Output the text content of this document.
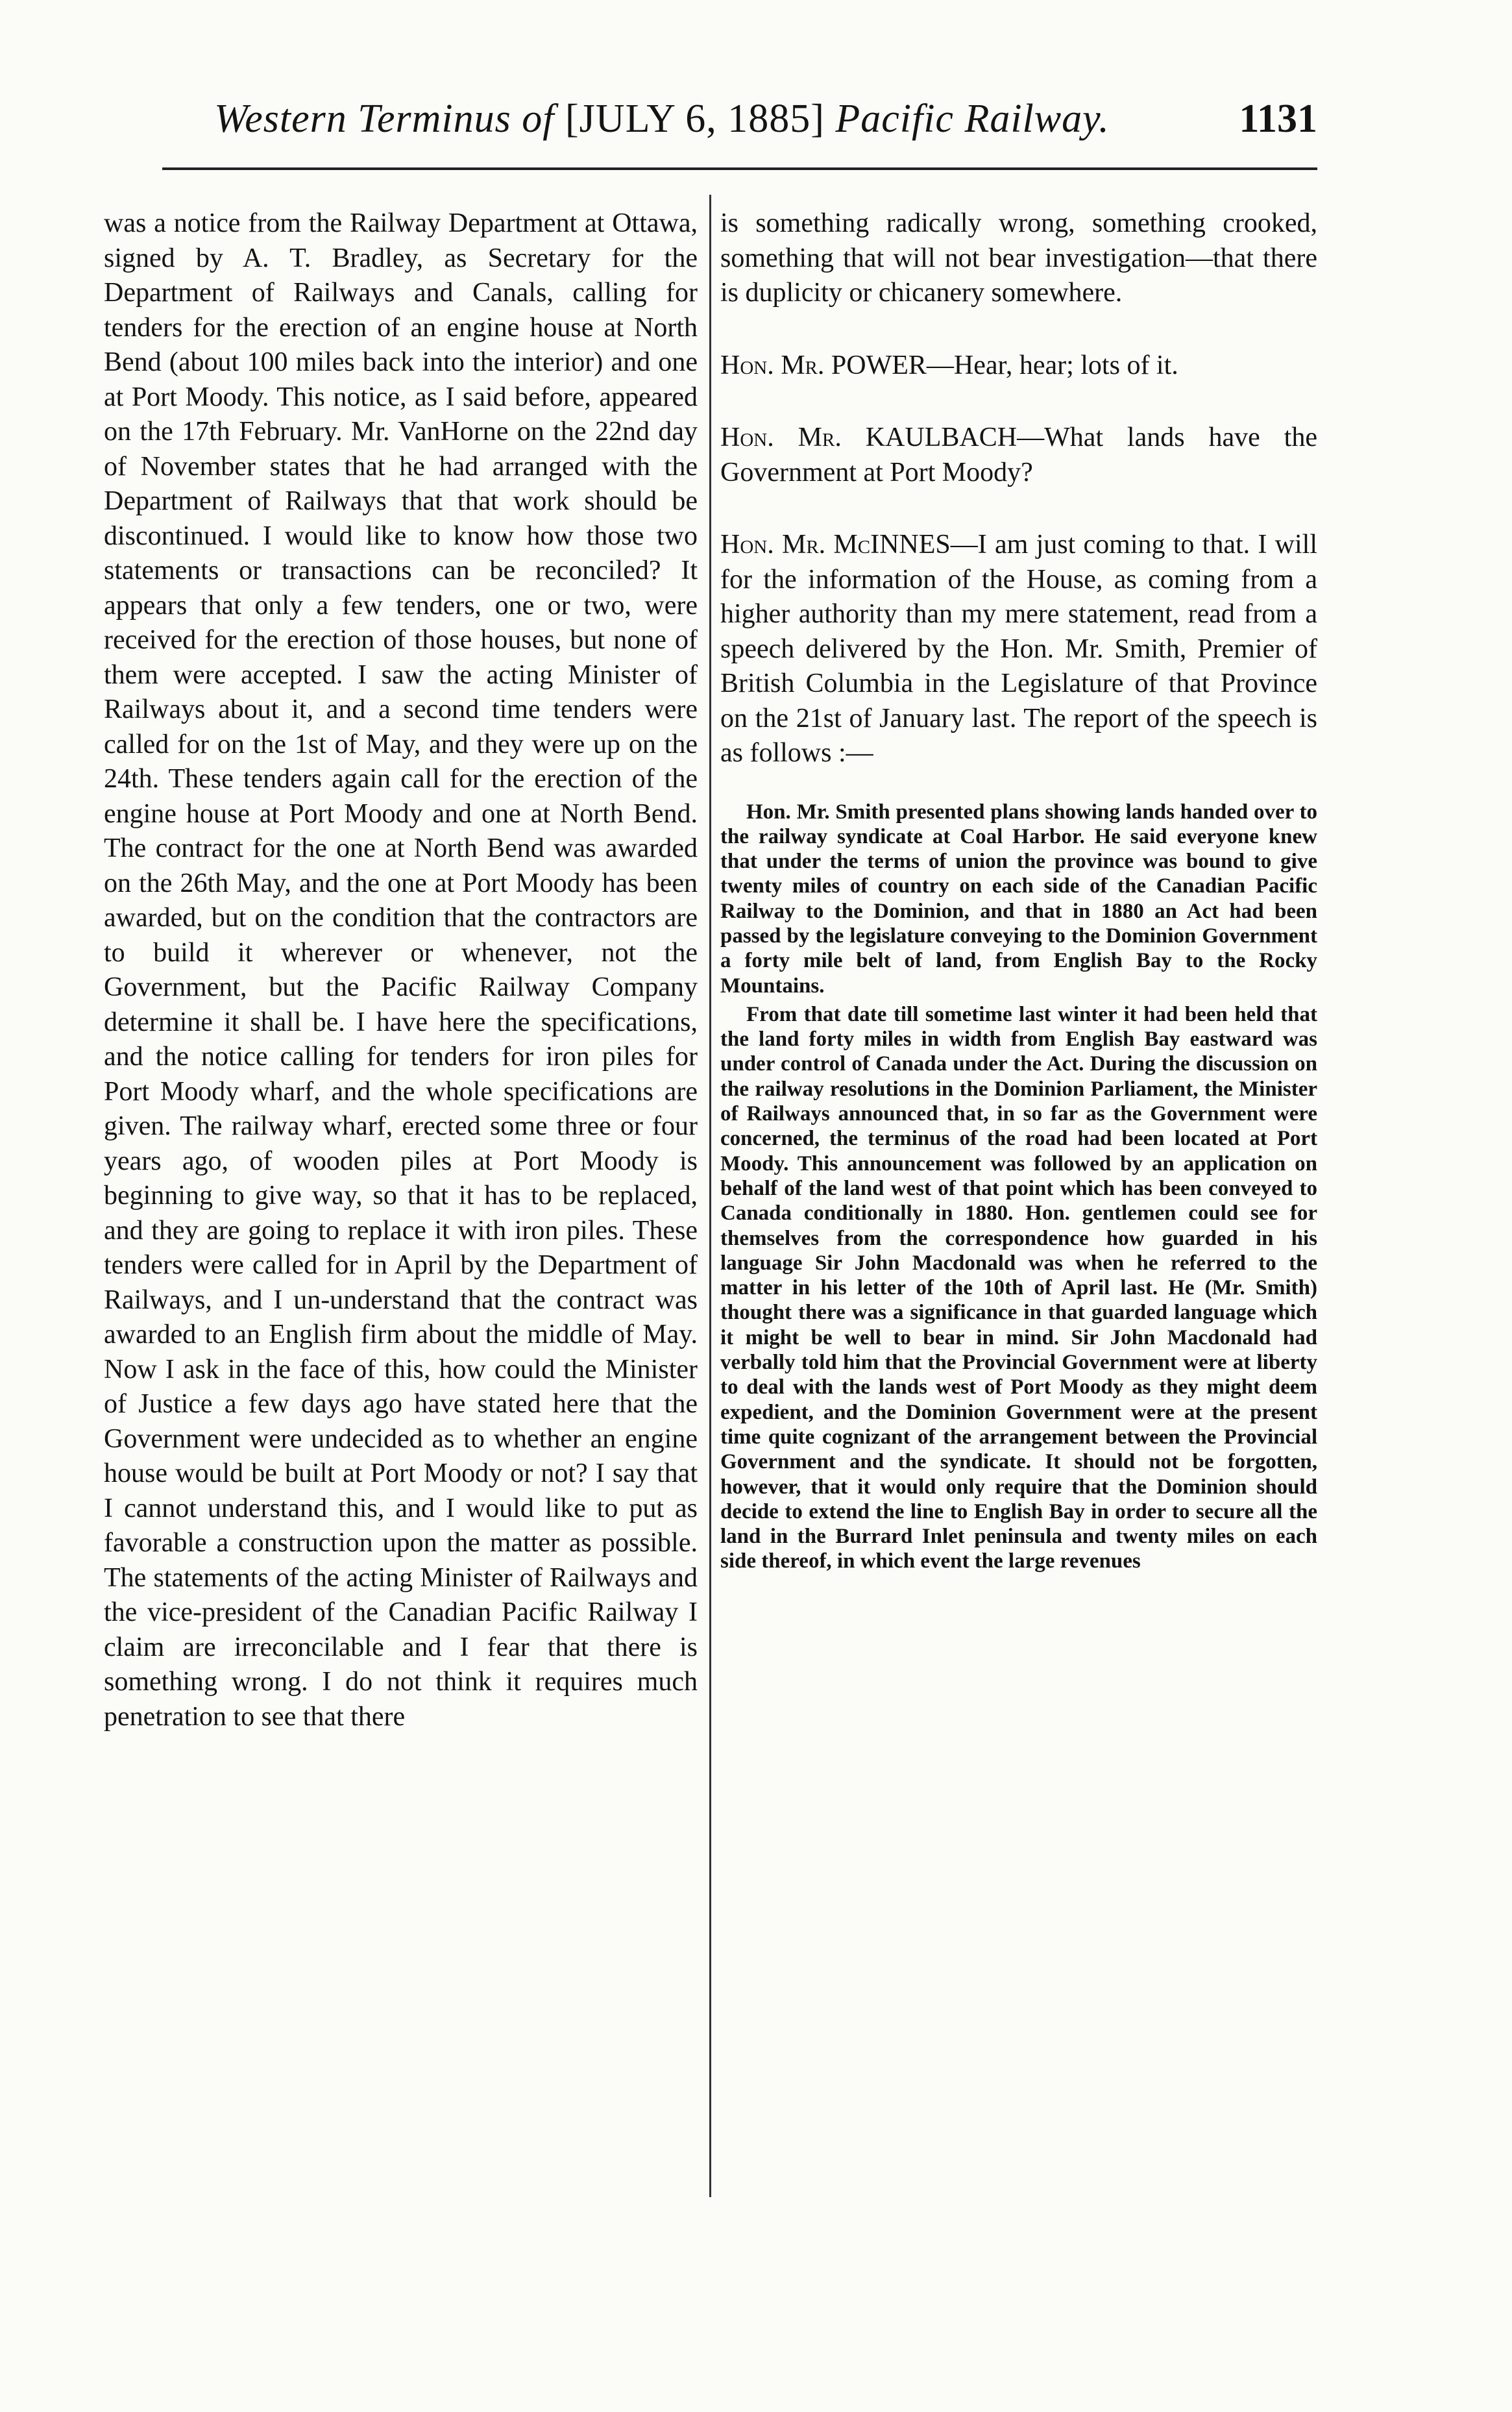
Western Terminus of [JULY 6, 1885] Pacific Railway.	1131

was a notice from the Railway Department at Ottawa, signed by A. T. Bradley, as Secretary for the Department of Railways and Canals, calling for tenders for the erection of an engine house at North Bend (about 100 miles back into the interior) and one at Port Moody. This notice, as I said before, appeared on the 17th February. Mr. VanHorne on the 22nd day of November states that he had arranged with the Department of Railways that that work should be discontinued. I would like to know how those two statements or transactions can be reconciled? It appears that only a few tenders, one or two, were received for the erection of those houses, but none of them were accepted. I saw the acting Minister of Railways about it, and a second time tenders were called for on the 1st of May, and they were up on the 24th. These tenders again call for the erection of the engine house at Port Moody and one at North Bend. The contract for the one at North Bend was awarded on the 26th May, and the one at Port Moody has been awarded, but on the condition that the contractors are to build it wherever or whenever, not the Government, but the Pacific Railway Company determine it shall be. I have here the specifications, and the notice calling for tenders for iron piles for Port Moody wharf, and the whole specifications are given. The railway wharf, erected some three or four years ago, of wooden piles at Port Moody is beginning to give way, so that it has to be replaced, and they are going to replace it with iron piles. These tenders were called for in April by the Department of Railways, and I un-understand that the contract was awarded to an English firm about the middle of May. Now I ask in the face of this, how could the Minister of Justice a few days ago have stated here that the Government were undecided as to whether an engine house would be built at Port Moody or not? I say that I cannot understand this, and I would like to put as favorable a construction upon the matter as possible. The statements of the acting Minister of Railways and the vice-president of the Canadian Pacific Railway I claim are irreconcilable and I fear that there is something wrong. I do not think it requires much penetration to see that there

is something radically wrong, something crooked, something that will not bear investigation—that there is duplicity or chicanery somewhere.

Hon. Mr. POWER—Hear, hear; lots of it.

Hon. Mr. KAULBACH—What lands have the Government at Port Moody?

Hon. Mr. McINNES—I am just coming to that. I will for the information of the House, as coming from a higher authority than my mere statement, read from a speech delivered by the Hon. Mr. Smith, Premier of British Columbia in the Legislature of that Province on the 21st of January last. The report of the speech is as follows :—

Hon. Mr. Smith presented plans showing lands handed over to the railway syndicate at Coal Harbor. He said everyone knew that under the terms of union the province was bound to give twenty miles of country on each side of the Canadian Pacific Railway to the Dominion, and that in 1880 an Act had been passed by the legislature conveying to the Dominion Government a forty mile belt of land, from English Bay to the Rocky Mountains.

From that date till sometime last winter it had been held that the land forty miles in width from English Bay eastward was under control of Canada under the Act. During the discussion on the railway resolutions in the Dominion Parliament, the Minister of Railways announced that, in so far as the Government were concerned, the terminus of the road had been located at Port Moody. This announcement was followed by an application on behalf of the land west of that point which has been conveyed to Canada conditionally in 1880. Hon. gentlemen could see for themselves from the correspondence how guarded in his language Sir John Macdonald was when he referred to the matter in his letter of the 10th of April last. He (Mr. Smith) thought there was a significance in that guarded language which it might be well to bear in mind. Sir John Macdonald had verbally told him that the Provincial Government were at liberty to deal with the lands west of Port Moody as they might deem expedient, and the Dominion Government were at the present time quite cognizant of the arrangement between the Provincial Government and the syndicate. It should not be forgotten, however, that it would only require that the Dominion should decide to extend the line to English Bay in order to secure all the land in the Burrard Inlet peninsula and twenty miles on each side thereof, in which event the large revenues
